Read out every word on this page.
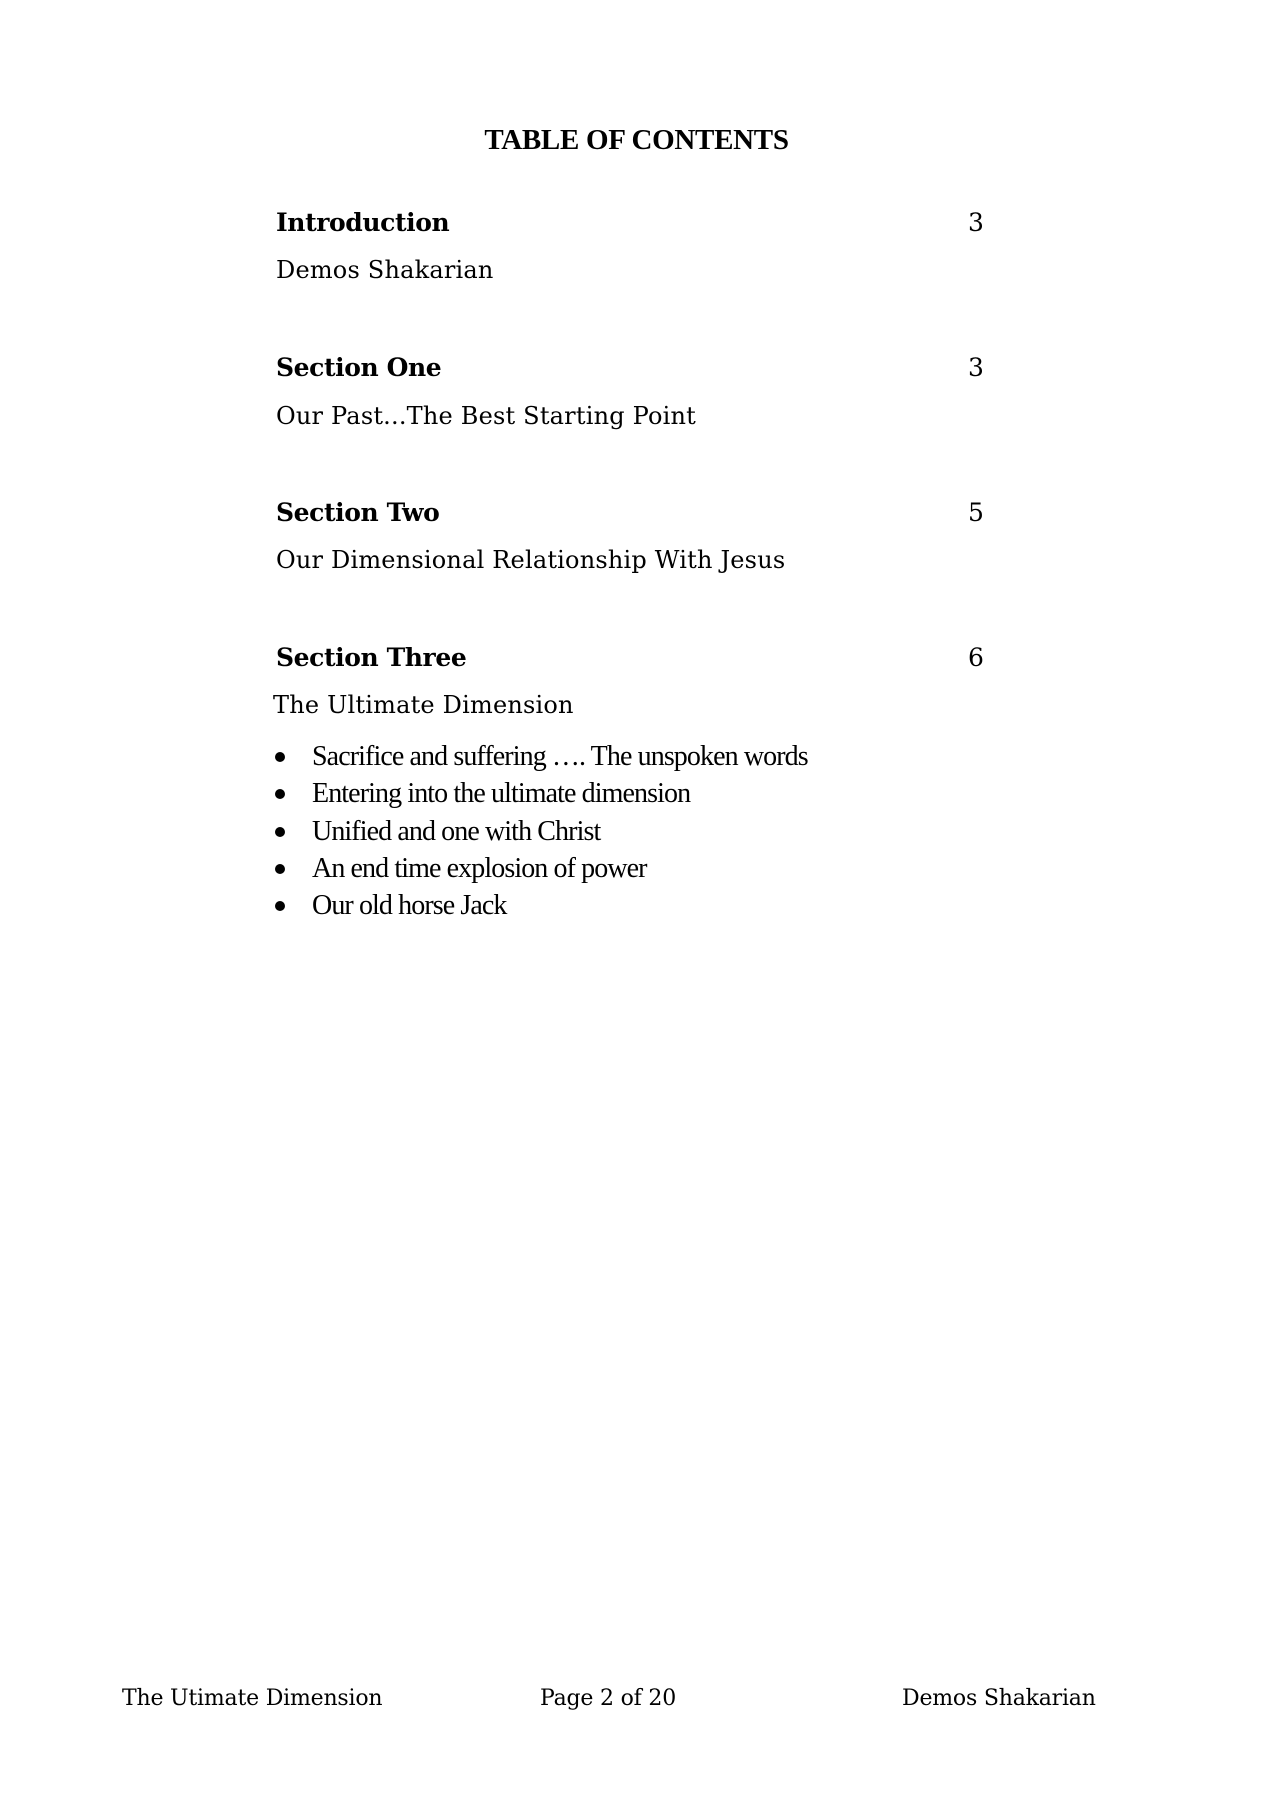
TABLE OF CONTENTS
Introduction	3
Demos Shakarian
Section One	3
Our Past...The Best Starting Point
Section Two	5
Our Dimensional Relationship With Jesus
Section Three	6
The Ultimate Dimension
Sacrifice and suffering …. The unspoken words
Entering into the ultimate dimension
Unified and one with Christ
An end time explosion of power
Our old horse Jack
The Utimate Dimension	Page 2 of 20	Demos Shakarian
